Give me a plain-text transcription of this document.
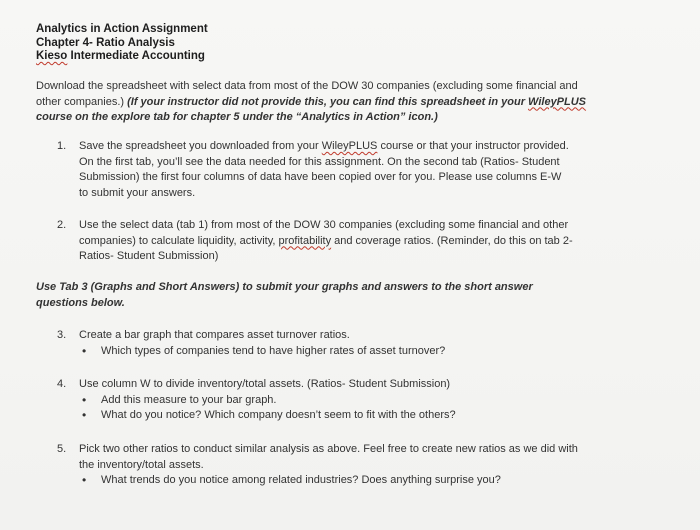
Analytics in Action Assignment
Chapter 4- Ratio Analysis
Kieso Intermediate Accounting
Download the spreadsheet with select data from most of the DOW 30 companies (excluding some financial and other companies.) (If your instructor did not provide this, you can find this spreadsheet in your WileyPLUS course on the explore tab for chapter 5 under the “Analytics in Action” icon.)
1.	Save the spreadsheet you downloaded from your WileyPLUS course or that your instructor provided. On the first tab, you’ll see the data needed for this assignment. On the second tab (Ratios- Student Submission) the first four columns of data have been copied over for you. Please use columns E-W to submit your answers.
2.	Use the select data (tab 1) from most of the DOW 30 companies (excluding some financial and other companies) to calculate liquidity, activity, profitability and coverage ratios. (Reminder, do this on tab 2-Ratios- Student Submission)
Use Tab 3 (Graphs and Short Answers) to submit your graphs and answers to the short answer questions below.
3.	Create a bar graph that compares asset turnover ratios.
• Which types of companies tend to have higher rates of asset turnover?
4.	Use column W to divide inventory/total assets. (Ratios- Student Submission)
• Add this measure to your bar graph.
• What do you notice? Which company doesn’t seem to fit with the others?
5.	Pick two other ratios to conduct similar analysis as above. Feel free to create new ratios as we did with the inventory/total assets.
• What trends do you notice among related industries? Does anything surprise you?
